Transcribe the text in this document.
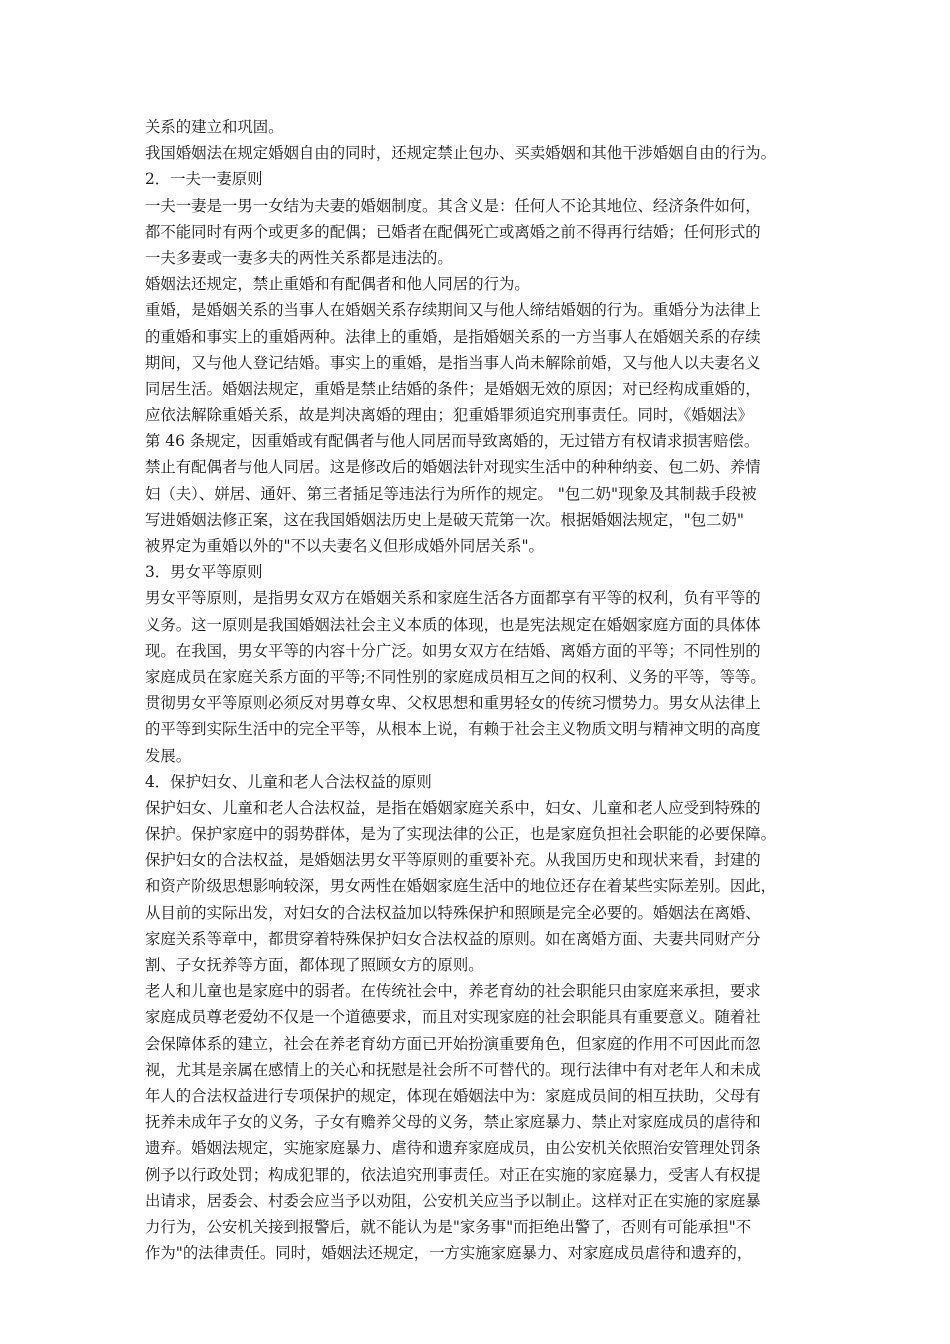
关系的建立和巩固。
我国婚姻法在规定婚姻自由的同时，还规定禁止包办、买卖婚姻和其他干涉婚姻自由的行为。
2．一夫一妻原则
一夫一妻是一男一女结为夫妻的婚姻制度。其含义是：任何人不论其地位、经济条件如何，
都不能同时有两个或更多的配偶；已婚者在配偶死亡或离婚之前不得再行结婚；任何形式的
一夫多妻或一妻多夫的两性关系都是违法的。
婚姻法还规定，禁止重婚和有配偶者和他人同居的行为。
重婚，是婚姻关系的当事人在婚姻关系存续期间又与他人缔结婚姻的行为。重婚分为法律上
的重婚和事实上的重婚两种。法律上的重婚，是指婚姻关系的一方当事人在婚姻关系的存续
期间，又与他人登记结婚。事实上的重婚，是指当事人尚未解除前婚，又与他人以夫妻名义
同居生活。婚姻法规定，重婚是禁止结婚的条件；是婚姻无效的原因；对已经构成重婚的，
应依法解除重婚关系，故是判决离婚的理由；犯重婚罪须追究刑事责任。同时，《婚姻法》
第 46 条规定，因重婚或有配偶者与他人同居而导致离婚的，无过错方有权请求损害赔偿。
禁止有配偶者与他人同居。这是修改后的婚姻法针对现实生活中的种种纳妾、包二奶、养情
妇（夫）、姘居、通奸、第三者插足等违法行为所作的规定。 "包二奶"现象及其制裁手段被
写进婚姻法修正案，这在我国婚姻法历史上是破天荒第一次。根据婚姻法规定，"包二奶"
被界定为重婚以外的"不以夫妻名义但形成婚外同居关系"。
3．男女平等原则
男女平等原则，是指男女双方在婚姻关系和家庭生活各方面都享有平等的权利，负有平等的
义务。这一原则是我国婚姻法社会主义本质的体现，也是宪法规定在婚姻家庭方面的具体体
现。在我国，男女平等的内容十分广泛。如男女双方在结婚、离婚方面的平等；不同性别的
家庭成员在家庭关系方面的平等;不同性别的家庭成员相互之间的权利、义务的平等，等等。
贯彻男女平等原则必须反对男尊女卑、父权思想和重男轻女的传统习惯势力。男女从法律上
的平等到实际生活中的完全平等，从根本上说，有赖于社会主义物质文明与精神文明的高度
发展。
4．保护妇女、儿童和老人合法权益的原则
保护妇女、儿童和老人合法权益，是指在婚姻家庭关系中，妇女、儿童和老人应受到特殊的
保护。保护家庭中的弱势群体，是为了实现法律的公正，也是家庭负担社会职能的必要保障。
保护妇女的合法权益，是婚姻法男女平等原则的重要补充。从我国历史和现状来看，封建的
和资产阶级思想影响较深，男女两性在婚姻家庭生活中的地位还存在着某些实际差别。因此，
从目前的实际出发，对妇女的合法权益加以特殊保护和照顾是完全必要的。婚姻法在离婚、
家庭关系等章中，都贯穿着特殊保护妇女合法权益的原则。如在离婚方面、夫妻共同财产分
割、子女抚养等方面，都体现了照顾女方的原则。
老人和儿童也是家庭中的弱者。在传统社会中，养老育幼的社会职能只由家庭来承担，要求
家庭成员尊老爱幼不仅是一个道德要求，而且对实现家庭的社会职能具有重要意义。随着社
会保障体系的建立，社会在养老育幼方面已开始扮演重要角色，但家庭的作用不可因此而忽
视，尤其是亲属在感情上的关心和抚慰是社会所不可替代的。现行法律中有对老年人和未成
年人的合法权益进行专项保护的规定，体现在婚姻法中为：家庭成员间的相互扶助，父母有
抚养未成年子女的义务，子女有赡养父母的义务，禁止家庭暴力、禁止对家庭成员的虐待和
遗弃。婚姻法规定，实施家庭暴力、虐待和遗弃家庭成员，由公安机关依照治安管理处罚条
例予以行政处罚；构成犯罪的，依法追究刑事责任。对正在实施的家庭暴力，受害人有权提
出请求，居委会、村委会应当予以劝阻，公安机关应当予以制止。这样对正在实施的家庭暴
力行为，公安机关接到报警后，就不能认为是"家务事"而拒绝出警了，否则有可能承担"不
作为"的法律责任。同时，婚姻法还规定，一方实施家庭暴力、对家庭成员虐待和遗弃的，
